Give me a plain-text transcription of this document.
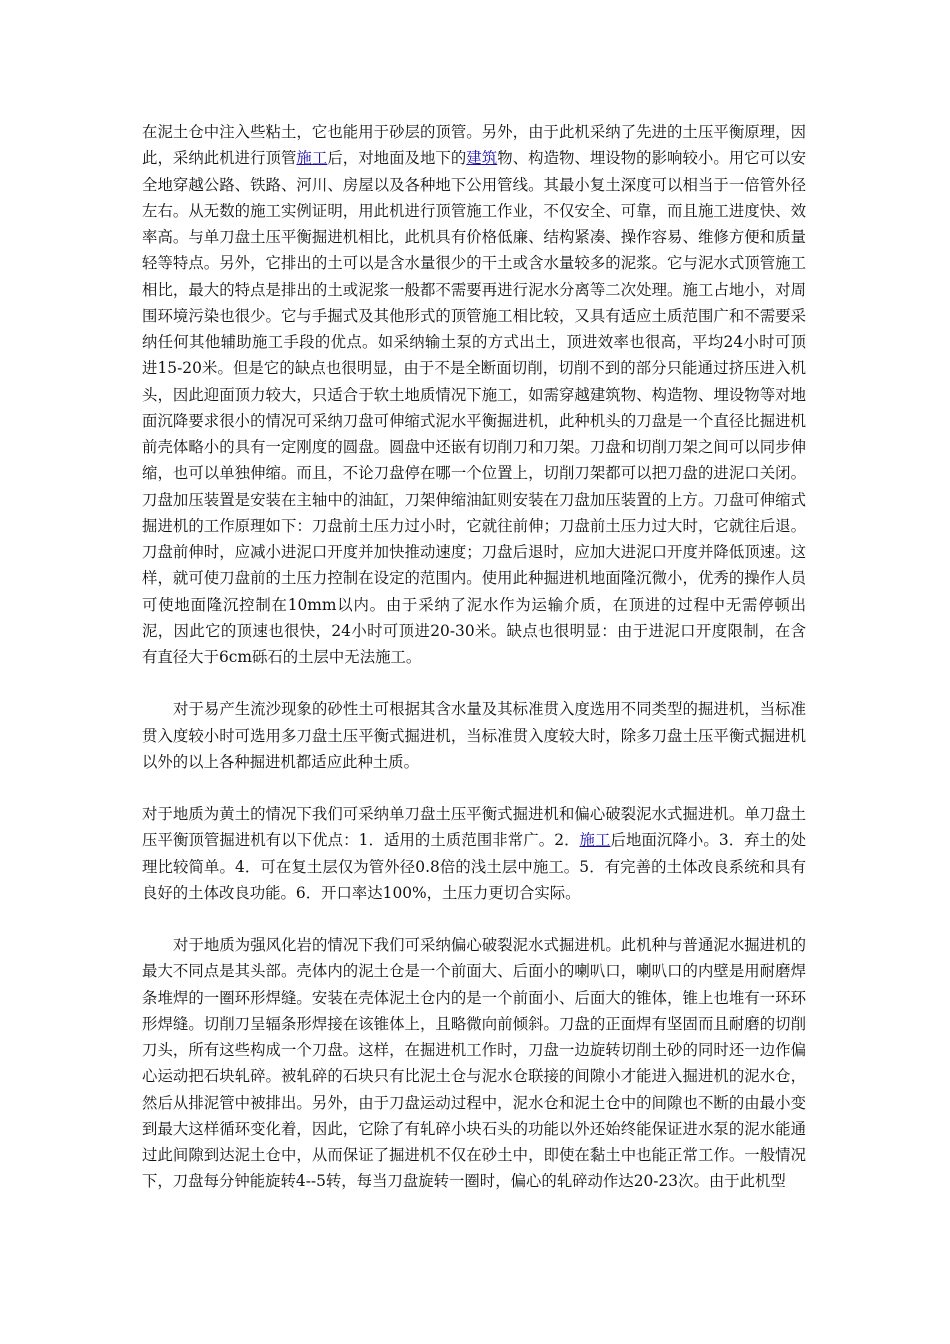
在泥土仓中注入些粘土，它也能用于砂层的顶管。另外，由于此机采纳了先进的土压平衡原理，因此，采纳此机进行顶管施工后，对地面及地下的建筑物、构造物、埋设物的影响较小。用它可以安全地穿越公路、铁路、河川、房屋以及各种地下公用管线。其最小复土深度可以相当于一倍管外径左右。从无数的施工实例证明，用此机进行顶管施工作业，不仅安全、可靠，而且施工进度快、效率高。与单刀盘土压平衡掘进机相比，此机具有价格低廉、结构紧凑、操作容易、维修方便和质量轻等特点。另外，它排出的土可以是含水量很少的干土或含水量较多的泥浆。它与泥水式顶管施工相比，最大的特点是排出的土或泥浆一般都不需要再进行泥水分离等二次处理。施工占地小，对周围环境污染也很少。它与手掘式及其他形式的顶管施工相比较，又具有适应土质范围广和不需要采纳任何其他辅助施工手段的优点。如采纳输土泵的方式出土，顶进效率也很高，平均24小时可顶进15-20米。但是它的缺点也很明显，由于不是全断面切削，切削不到的部分只能通过挤压进入机头，因此迎面顶力较大，只适合于软土地质情况下施工，如需穿越建筑物、构造物、埋设物等对地面沉降要求很小的情况可采纳刀盘可伸缩式泥水平衡掘进机，此种机头的刀盘是一个直径比掘进机前壳体略小的具有一定刚度的圆盘。圆盘中还嵌有切削刀和刀架。刀盘和切削刀架之间可以同步伸缩，也可以单独伸缩。而且，不论刀盘停在哪一个位置上，切削刀架都可以把刀盘的进泥口关闭。刀盘加压装置是安装在主轴中的油缸，刀架伸缩油缸则安装在刀盘加压装置的上方。刀盘可伸缩式掘进机的工作原理如下：刀盘前土压力过小时，它就往前伸；刀盘前土压力过大时，它就往后退。刀盘前伸时，应减小进泥口开度并加快推动速度；刀盘后退时，应加大进泥口开度并降低顶速。这样，就可使刀盘前的土压力控制在设定的范围内。使用此种掘进机地面隆沉微小，优秀的操作人员可使地面隆沉控制在10mm以内。由于采纳了泥水作为运输介质，在顶进的过程中无需停顿出泥，因此它的顶速也很快，24小时可顶进20-30米。缺点也很明显：由于进泥口开度限制，在含有直径大于6cm砾石的土层中无法施工。

对于易产生流沙现象的砂性土可根据其含水量及其标准贯入度选用不同类型的掘进机，当标准贯入度较小时可选用多刀盘土压平衡式掘进机，当标准贯入度较大时，除多刀盘土压平衡式掘进机以外的以上各种掘进机都适应此种土质。

对于地质为黄土的情况下我们可采纳单刀盘土压平衡式掘进机和偏心破裂泥水式掘进机。单刀盘土压平衡顶管掘进机有以下优点：1．适用的土质范围非常广。2．施工后地面沉降小。3．弃土的处理比较简单。4．可在复土层仅为管外径0.8倍的浅土层中施工。5．有完善的土体改良系统和具有良好的土体改良功能。6．开口率达100%，土压力更切合实际。

对于地质为强风化岩的情况下我们可采纳偏心破裂泥水式掘进机。此机种与普通泥水掘进机的最大不同点是其头部。壳体内的泥土仓是一个前面大、后面小的喇叭口，喇叭口的内壁是用耐磨焊条堆焊的一圈环形焊缝。安装在壳体泥土仓内的是一个前面小、后面大的锥体，锥上也堆有一环环形焊缝。切削刀呈辐条形焊接在该锥体上，且略微向前倾斜。刀盘的正面焊有坚固而且耐磨的切削刀头，所有这些构成一个刀盘。这样，在掘进机工作时，刀盘一边旋转切削土砂的同时还一边作偏心运动把石块轧碎。被轧碎的石块只有比泥土仓与泥水仓联接的间隙小才能进入掘进机的泥水仓，然后从排泥管中被排出。另外，由于刀盘运动过程中，泥水仓和泥土仓中的间隙也不断的由最小变到最大这样循环变化着，因此，它除了有轧碎小块石头的功能以外还始终能保证进水泵的泥水能通过此间隙到达泥土仓中，从而保证了掘进机不仅在砂土中，即使在黏土中也能正常工作。一般情况下，刀盘每分钟能旋转4--5转，每当刀盘旋转一圈时，偏心的轧碎动作达20-23次。由于此机型
